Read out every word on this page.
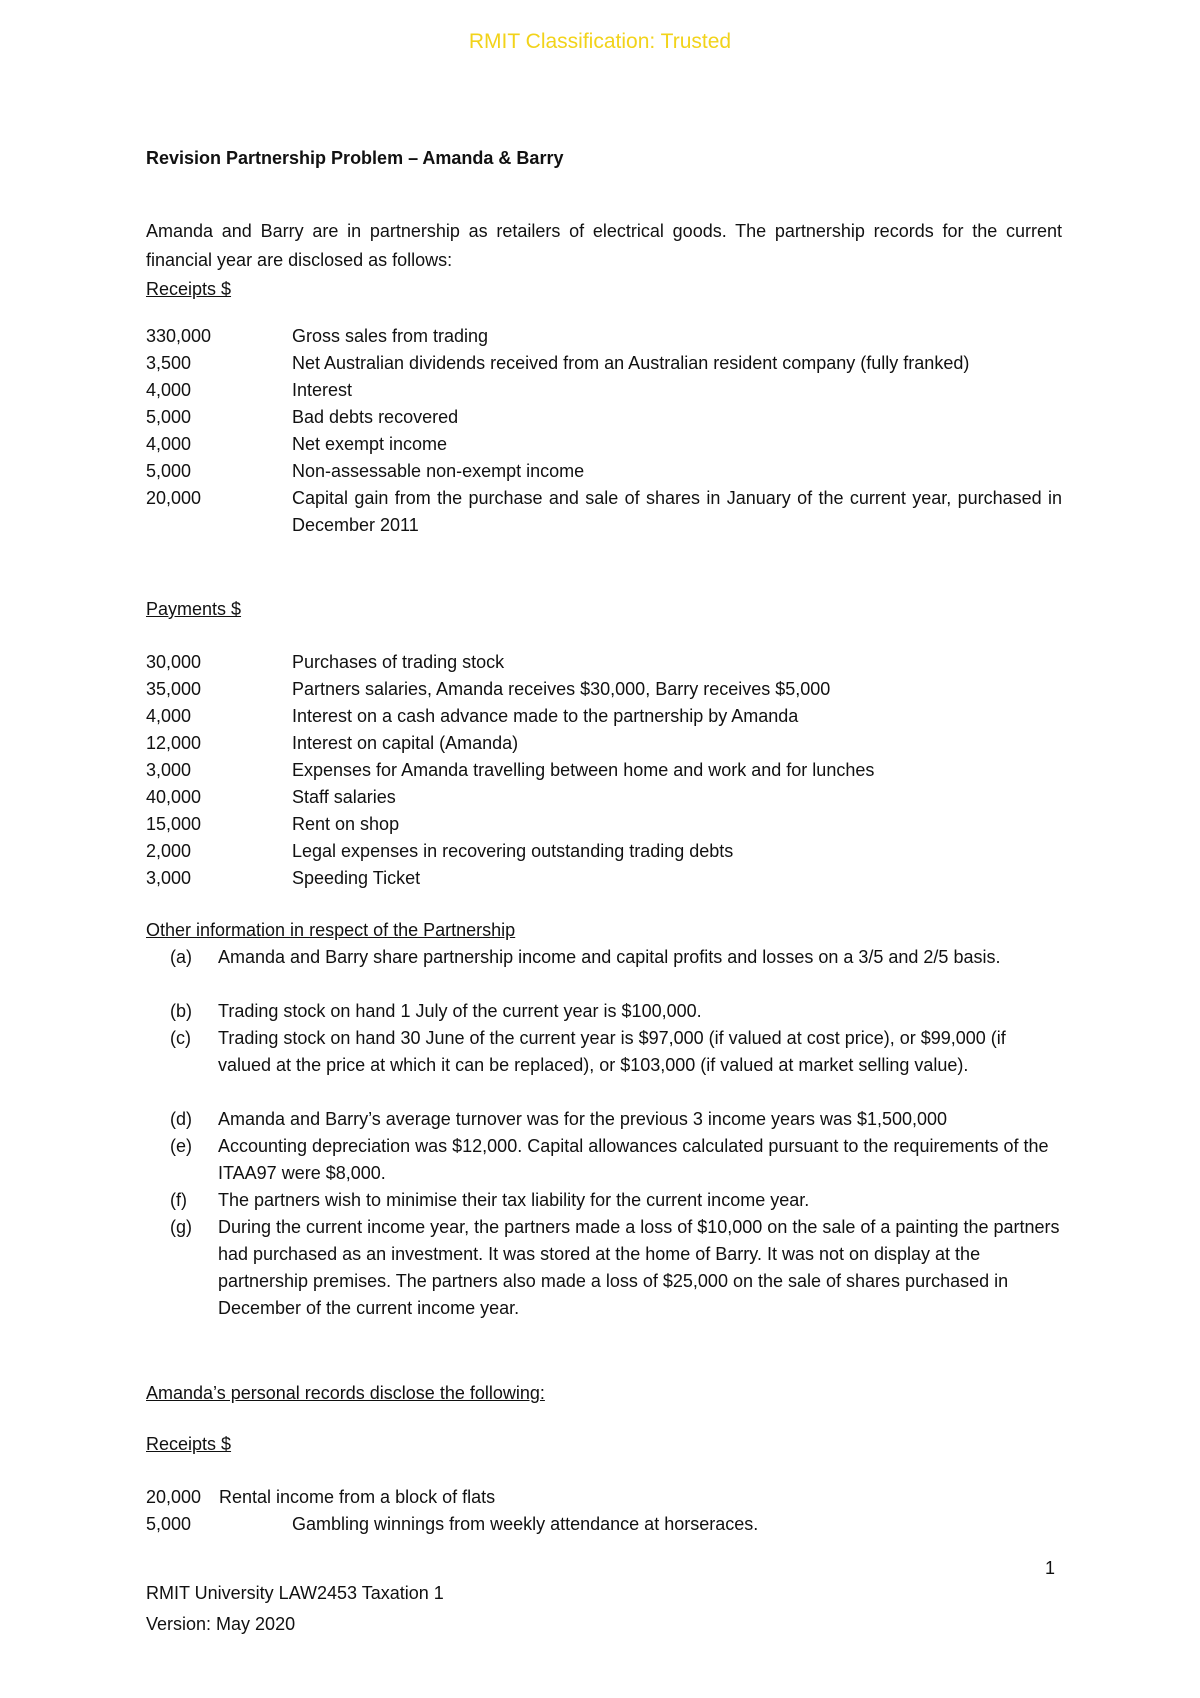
RMIT Classification: Trusted
Revision Partnership Problem – Amanda & Barry
Amanda and Barry are in partnership as retailers of electrical goods. The partnership records for the current financial year are disclosed as follows:
Receipts $
330,000	Gross sales from trading
3,500	Net Australian dividends received from an Australian resident company (fully franked)
4,000	Interest
5,000	Bad debts recovered
4,000	Net exempt income
5,000	Non-assessable non-exempt income
20,000	Capital gain from the purchase and sale of shares in January of the current year, purchased in December 2011
Payments $
30,000	Purchases of trading stock
35,000	Partners salaries, Amanda receives $30,000, Barry receives $5,000
4,000	Interest on a cash advance made to the partnership by Amanda
12,000	Interest on capital (Amanda)
3,000	Expenses for Amanda travelling between home and work and for lunches
40,000	Staff salaries
15,000	Rent on shop
2,000	Legal expenses in recovering outstanding trading debts
3,000	Speeding Ticket
Other information in respect of the Partnership
(a)	Amanda and Barry share partnership income and capital profits and losses on a 3/5 and 2/5 basis.
(b)	Trading stock on hand 1 July of the current year is $100,000.
(c)	Trading stock on hand 30 June of the current year is $97,000 (if valued at cost price), or $99,000 (if valued at the price at which it can be replaced), or $103,000 (if valued at market selling value).
(d)	Amanda and Barry’s average turnover was for the previous 3 income years was $1,500,000
(e)	Accounting depreciation was $12,000. Capital allowances calculated pursuant to the requirements of the ITAA97 were $8,000.
(f)	The partners wish to minimise their tax liability for the current income year.
(g)	During the current income year, the partners made a loss of $10,000 on the sale of a painting the partners had purchased as an investment. It was stored at the home of Barry. It was not on display at the partnership premises. The partners also made a loss of $25,000 on the sale of shares purchased in December of the current income year.
Amanda’s personal records disclose the following:
Receipts $
20,000 Rental income from a block of flats
5,000	Gambling winnings from weekly attendance at horseraces.
1
RMIT University LAW2453 Taxation 1
Version: May 2020
